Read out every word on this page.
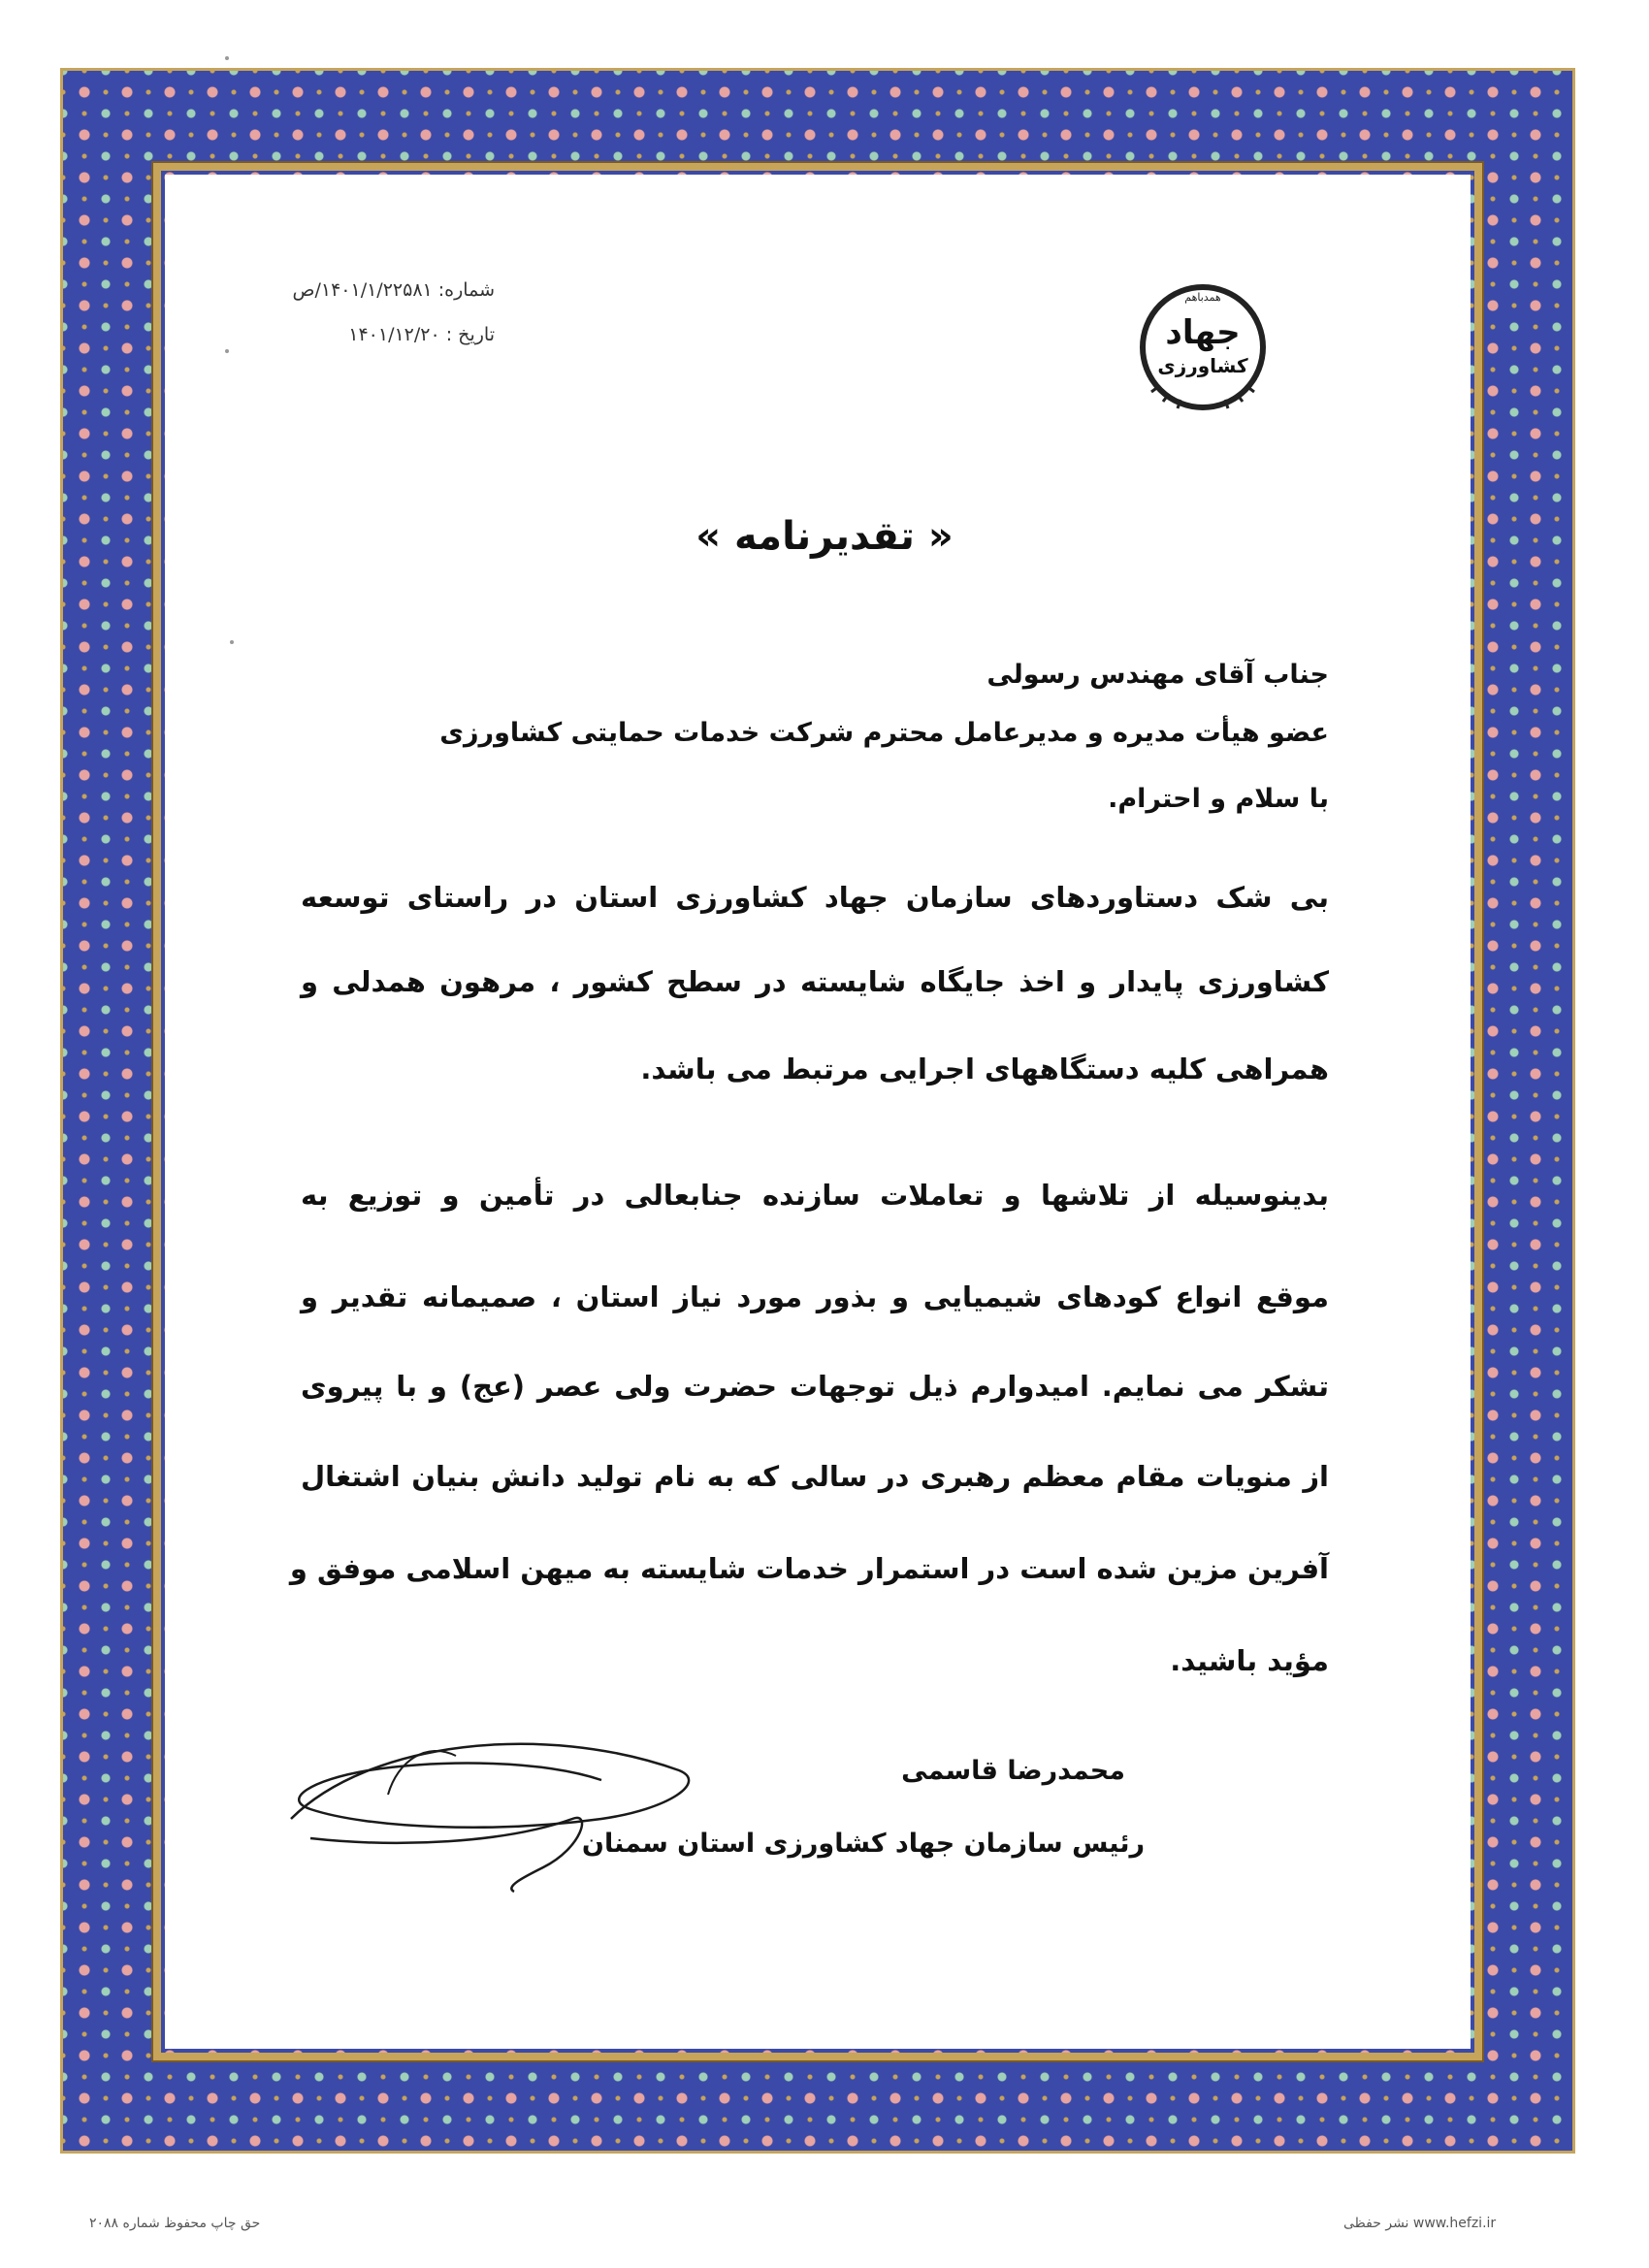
شماره: ۱۴۰۱/۱/۲۲۵۸۱/ص
تاریخ : ۱۴۰۱/۱۲/۲۰
همدباهم
جهاد
کشاورزی
« تقدیرنامه »
جناب آقای مهندس رسولی
عضو هیأت مدیره و مدیرعامل محترم شرکت خدمات حمایتی کشاورزی
با سلام و احترام.
بی شک دستاوردهای سازمان جهاد کشاورزی استان در راستای توسعه
کشاورزی پایدار و اخذ جایگاه شایسته در سطح کشور ، مرهون همدلی و
همراهی کلیه دستگاههای اجرایی مرتبط می باشد.
بدینوسیله از تلاشها و تعاملات سازنده جنابعالی در تأمین و توزیع به
موقع انواع کودهای شیمیایی و بذور مورد نیاز استان ، صمیمانه تقدیر و
تشکر می نمایم. امیدوارم ذیل توجهات حضرت ولی عصر (عج) و با پیروی
از منویات مقام معظم رهبری در سالی که به نام تولید دانش بنیان اشتغال
آفرین مزین شده است در استمرار خدمات شایسته به میهن اسلامی موفق و
مؤید باشید.
محمدرضا قاسمی
رئیس سازمان جهاد کشاورزی استان سمنان
حق چاپ محفوظ شماره ۲۰۸۸	www.hefzi.ir نشر حفظی
